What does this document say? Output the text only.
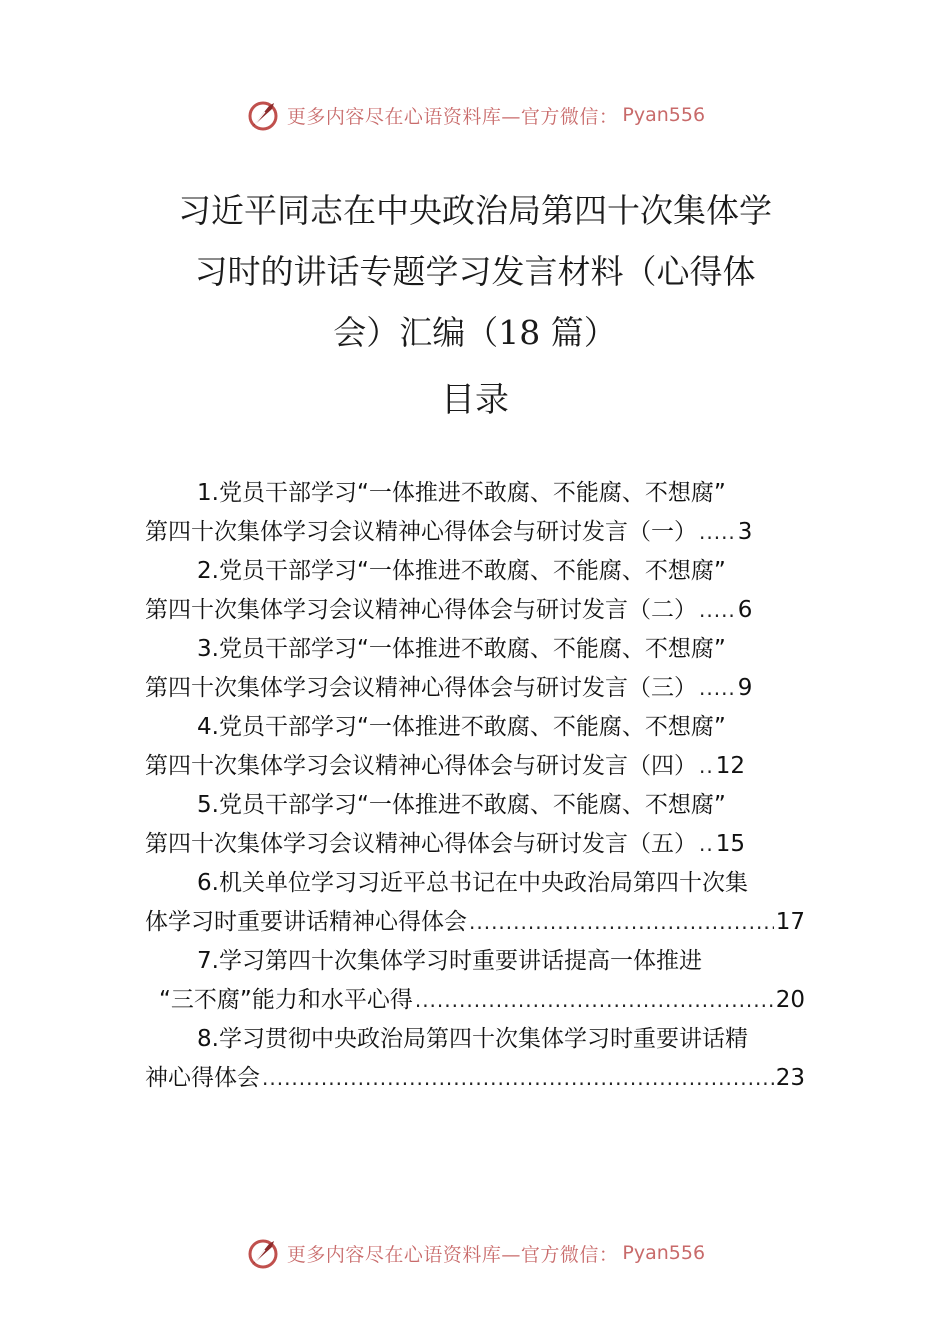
更多内容尽在心语资料库—官方微信： Pyan556
习近平同志在中央政治局第四十次集体学
习时的讲话专题学习发言材料（心得体
会）汇编（18 篇）
目录
1.党员干部学习“一体推进不敢腐、不能腐、不想腐”
第四十次集体学习会议精神心得体会与研讨发言（一） ..... 3
2.党员干部学习“一体推进不敢腐、不能腐、不想腐”
第四十次集体学习会议精神心得体会与研讨发言（二） ..... 6
3.党员干部学习“一体推进不敢腐、不能腐、不想腐”
第四十次集体学习会议精神心得体会与研讨发言（三） ..... 9
4.党员干部学习“一体推进不敢腐、不能腐、不想腐”
第四十次集体学习会议精神心得体会与研讨发言（四） .. 12
5.党员干部学习“一体推进不敢腐、不能腐、不想腐”
第四十次集体学习会议精神心得体会与研讨发言（五） .. 15
6.机关单位学习习近平总书记在中央政治局第四十次集
体学习时重要讲话精神心得体会 .....	17
7.学习第四十次集体学习时重要讲话提高一体推进
“三不腐”能力和水平心得 .....	20
8.学习贯彻中央政治局第四十次集体学习时重要讲话精
神心得体会 .....	23
更多内容尽在心语资料库—官方微信： Pyan556
